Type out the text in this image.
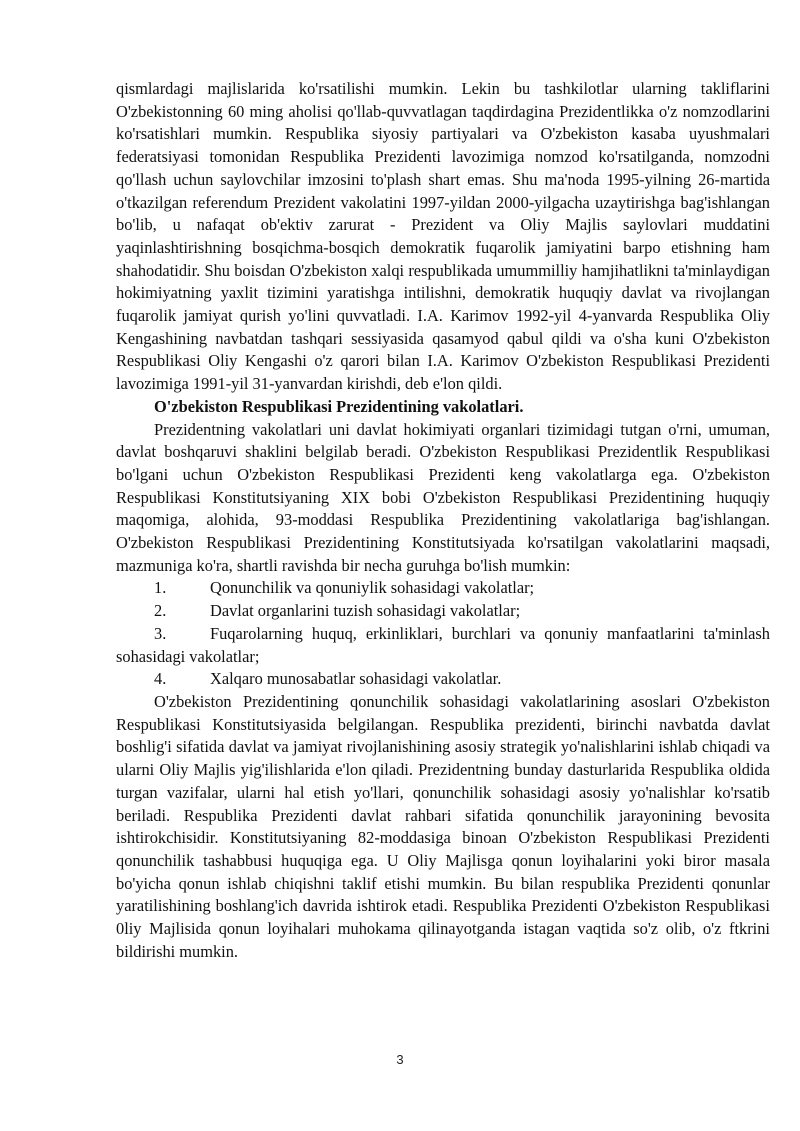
qismlardagi majlislarida ko'rsatilishi mumkin. Lekin bu tashkilotlar ularning takliflarini O'zbekistonning 60 ming aholisi qo'llab-quvvatlagan taqdirdagina Prezidentlikka o'z nomzodlarini ko'rsatishlari mumkin. Respublika siyosiy partiyalari va O'zbekiston kasaba uyushmalari federatsiyasi tomonidan Respublika Prezidenti lavozimiga nomzod ko'rsatilganda, nomzodni qo'llash uchun saylovchilar imzosini to'plash shart emas. Shu ma'noda 1995-yilning 26-martida o'tkazilgan referendum Prezident vakolatini 1997-yildan 2000-yilgacha uzaytirishga bag'ishlangan bo'lib, u nafaqat ob'ektiv zarurat - Prezident va Oliy Majlis saylovlari muddatini yaqinlashtirishning bosqichma-bosqich demokratik fuqarolik jamiyatini barpo etishning ham shahodatidir. Shu boisdan O'zbekiston xalqi respublikada umummilliy hamjihatlikni ta'minlaydigan hokimiyatning yaxlit tizimini yaratishga intilishni, demokratik huquqiy davlat va rivojlangan fuqarolik jamiyat qurish yo'lini quvvatladi. I.A. Karimov 1992-yil 4-yanvarda Respublika Oliy Kengashining navbatdan tashqari sessiyasida qasamyod qabul qildi va o'sha kuni O'zbekiston Respublikasi Oliy Kengashi o'z qarori bilan I.A. Karimov O'zbekiston Respublikasi Prezidenti lavozimiga 1991-yil 31-yanvardan kirishdi, deb e'lon qildi.

O'zbekiston Respublikasi Prezidentining vakolatlari.

Prezidentning vakolatlari uni davlat hokimiyati organlari tizimidagi tutgan o'rni, umuman, davlat boshqaruvi shaklini belgilab beradi. O'zbekiston Respublikasi Prezidentlik Respublikasi bo'lgani uchun O'zbekiston Respublikasi Prezidenti keng vakolatlarga ega. O'zbekiston Respublikasi Konstitutsiyaning XIX bobi O'zbekiston Respublikasi Prezidentining huquqiy maqomiga, alohida, 93-moddasi Respublika Prezidentining vakolatlariga bag'ishlangan. O'zbekiston Respublikasi Prezidentining Konstitutsiyada ko'rsatilgan vakolatlarini maqsadi, mazmuniga ko'ra, shartli ravishda bir necha guruhga bo'lish mumkin:

1.	Qonunchilik va qonuniylik sohasidagi vakolatlar;

2.	Davlat organlarini tuzish sohasidagi vakolatlar;

3.	Fuqarolarning huquq, erkinliklari, burchlari va qonuniy manfaatlarini ta'minlash sohasidagi vakolatlar;

4.	Xalqaro munosabatlar sohasidagi vakolatlar.

O'zbekiston Prezidentining qonunchilik sohasidagi vakolatlarining asoslari O'zbekiston Respublikasi Konstitutsiyasida belgilangan. Respublika prezidenti, birinchi navbatda davlat boshlig'i sifatida davlat va jamiyat rivojlanishining asosiy strategik yo'nalishlarini ishlab chiqadi va ularni Oliy Majlis yig'ilishlarida e'lon qiladi. Prezidentning bunday dasturlarida Respublika oldida turgan vazifalar, ularni hal etish yo'llari, qonunchilik sohasidagi asosiy yo'nalishlar ko'rsatib beriladi. Respublika Prezidenti davlat rahbari sifatida qonunchilik jarayonining bevosita ishtirokchisidir. Konstitutsiyaning 82-moddasiga binoan O'zbekiston Respublikasi Prezidenti qonunchilik tashabbusi huquqiga ega. U Oliy Majlisga qonun loyihalarini yoki biror masala bo'yicha qonun ishlab chiqishni taklif etishi mumkin. Bu bilan respublika Prezidenti qonunlar yaratilishining boshlang'ich davrida ishtirok etadi. Respublika Prezidenti O'zbekiston Respublikasi 0liy Majlisida qonun loyihalari muhokama qilinayotganda istagan vaqtida so'z olib, o'z ftkrini bildirishi mumkin.

3
